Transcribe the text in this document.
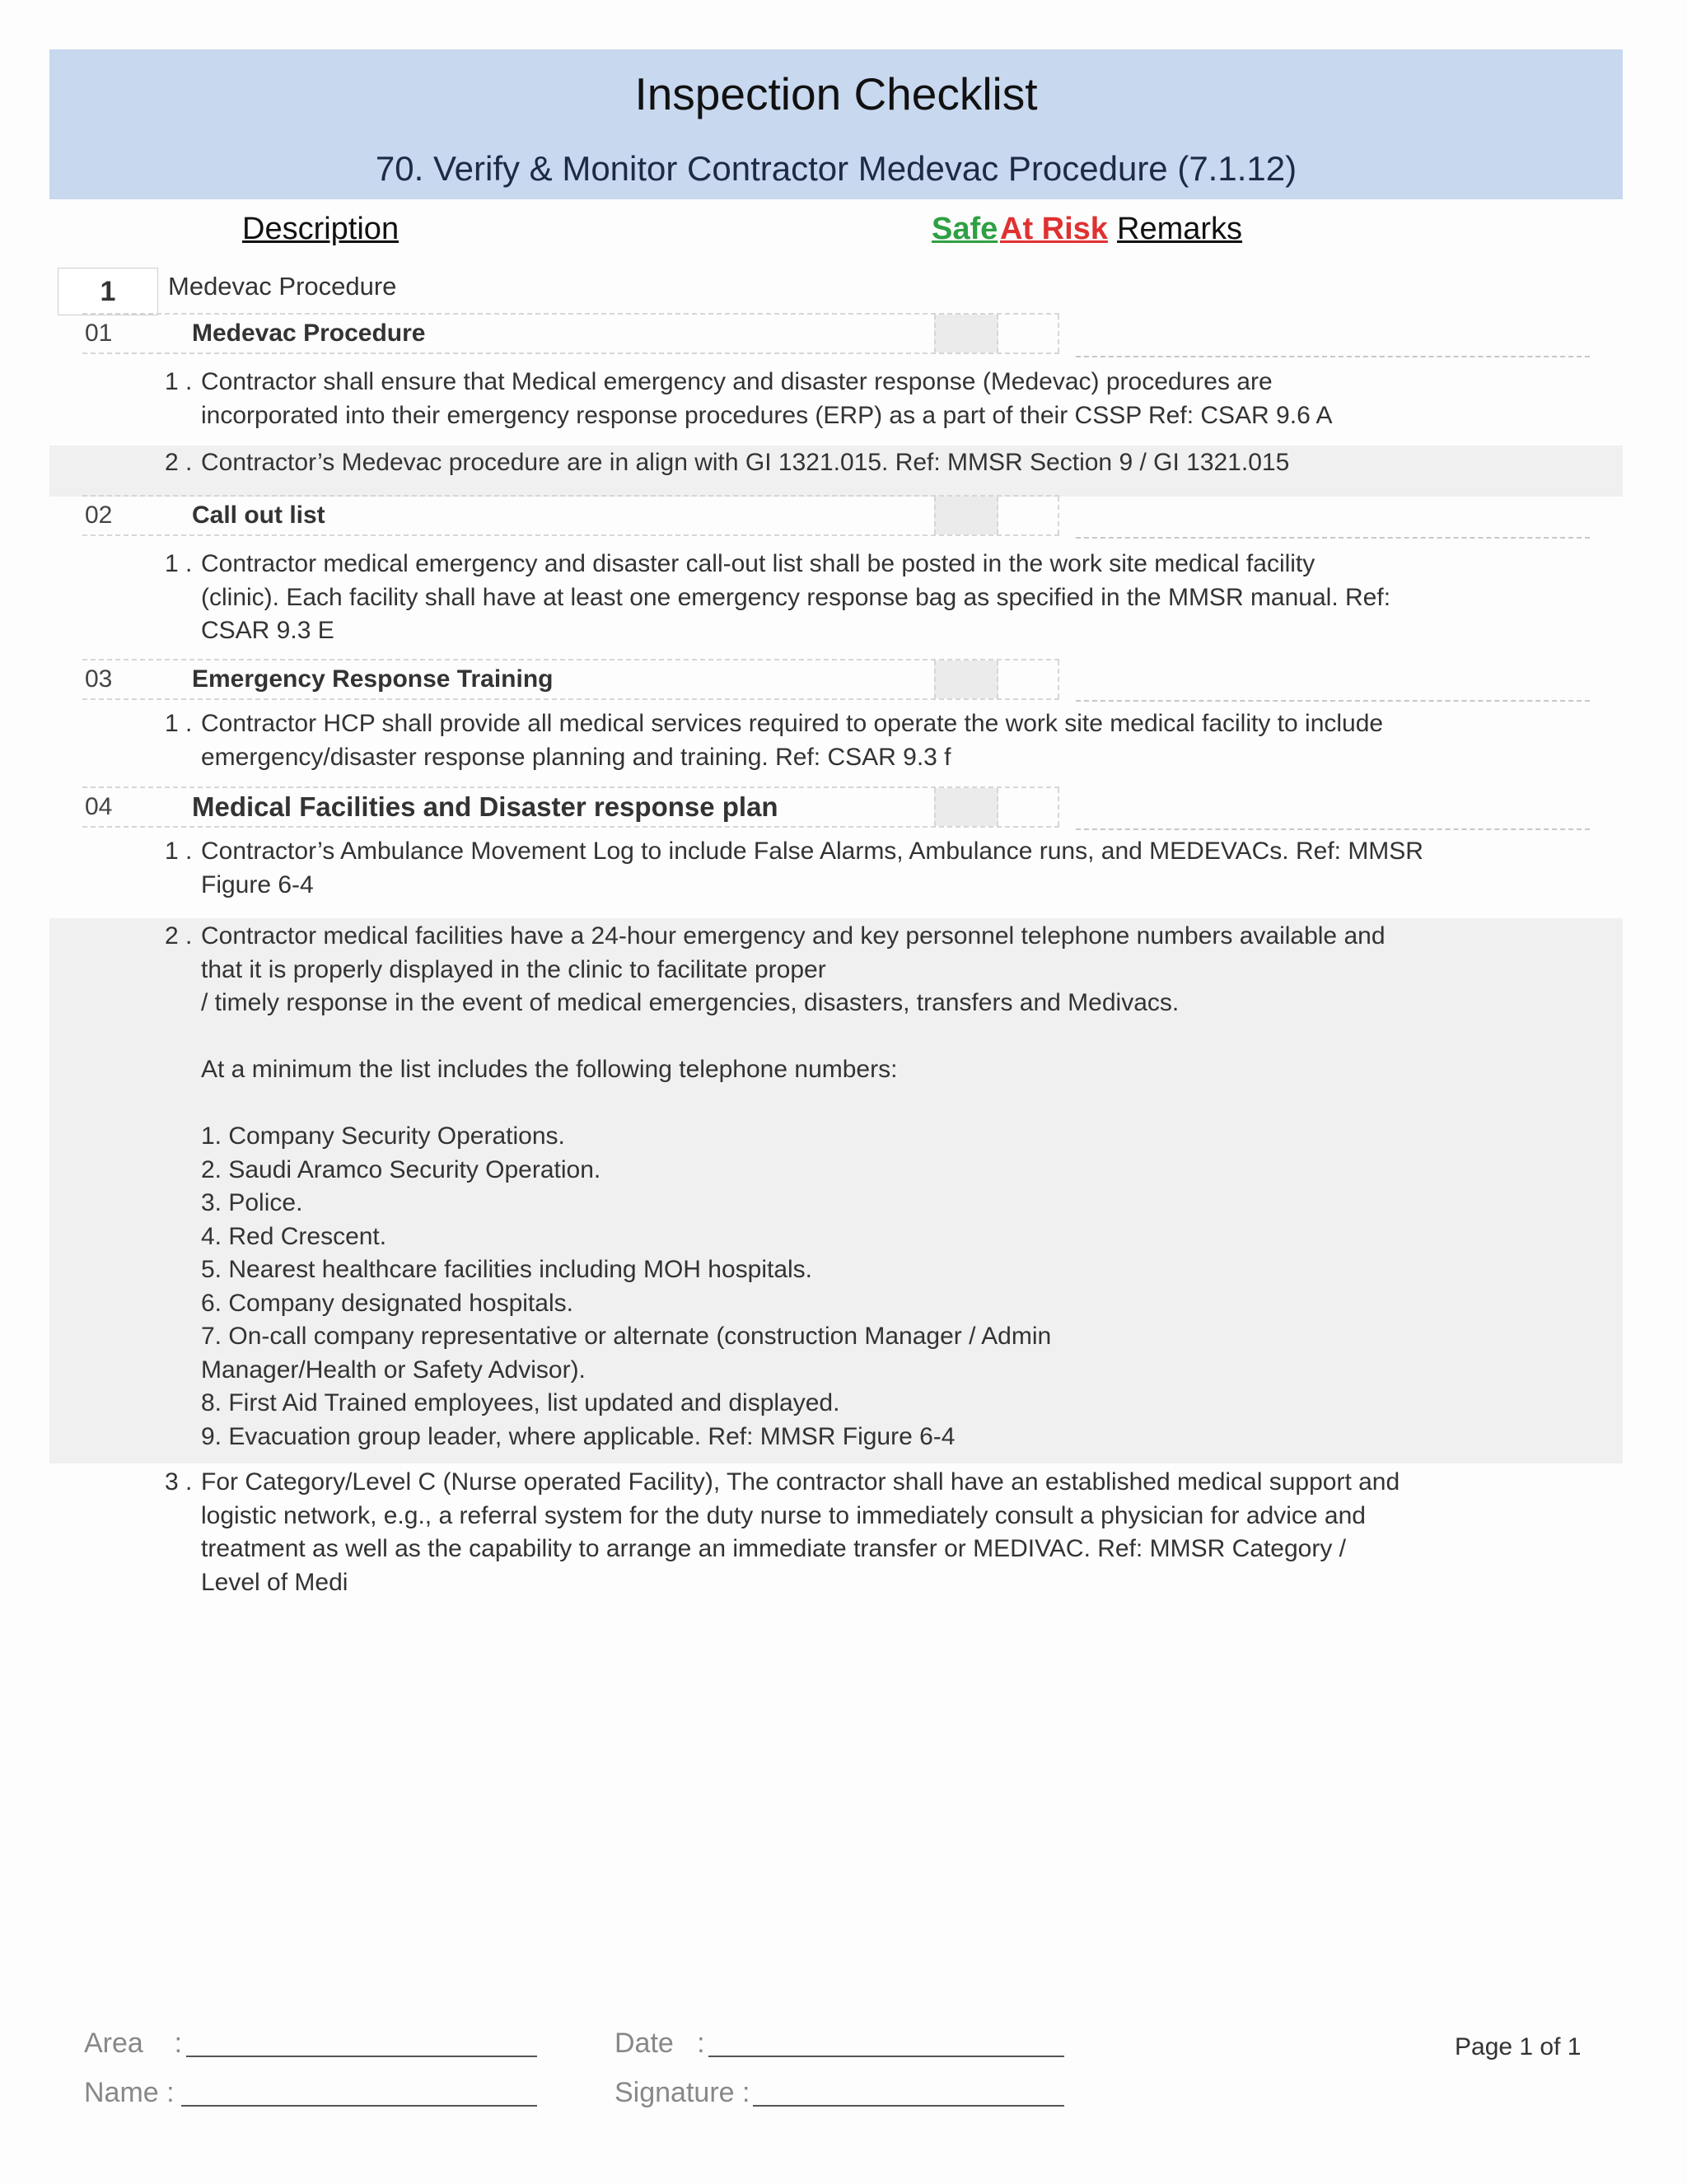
Inspection Checklist
70. Verify & Monitor Contractor Medevac Procedure (7.1.12)
Description	Safe At Risk Remarks
1	Medevac Procedure
01	Medevac Procedure
1 . Contractor shall ensure that Medical emergency and disaster response (Medevac) procedures are
incorporated into their emergency response procedures (ERP) as a part of their CSSP Ref: CSAR 9.6 A
2 . Contractor’s Medevac procedure are in align with GI 1321.015. Ref: MMSR Section 9 / GI 1321.015
02	Call out list
1 . Contractor medical emergency and disaster call-out list shall be posted in the work site medical facility
(clinic). Each facility shall have at least one emergency response bag as specified in the MMSR manual. Ref:
CSAR 9.3 E
03	Emergency Response Training
1 . Contractor HCP shall provide all medical services required to operate the work site medical facility to include
emergency/disaster response planning and training. Ref: CSAR 9.3 f
04	Medical Facilities and Disaster response plan
1 . Contractor’s Ambulance Movement Log to include False Alarms, Ambulance runs, and MEDEVACs. Ref: MMSR
Figure 6-4
2 . Contractor medical facilities have a 24-hour emergency and key personnel telephone numbers available and
that it is properly displayed in the clinic to facilitate proper
/ timely response in the event of medical emergencies, disasters, transfers and Medivacs.

At a minimum the list includes the following telephone numbers:

1. Company Security Operations.
2. Saudi Aramco Security Operation.
3. Police.
4. Red Crescent.
5. Nearest healthcare facilities including MOH hospitals.
6. Company designated hospitals.
7. On-call company representative or alternate (construction Manager / Admin
Manager/Health or Safety Advisor).
8. First Aid Trained employees, list updated and displayed.
9. Evacuation group leader, where applicable. Ref: MMSR Figure 6-4
3 . For Category/Level C (Nurse operated Facility), The contractor shall have an established medical support and
logistic network, e.g., a referral system for the duty nurse to immediately consult a physician for advice and
treatment as well as the capability to arrange an immediate transfer or MEDIVAC. Ref: MMSR Category /
Level of Medi
Area    :
Name :
Date   :
Signature :
Page 1 of 1
